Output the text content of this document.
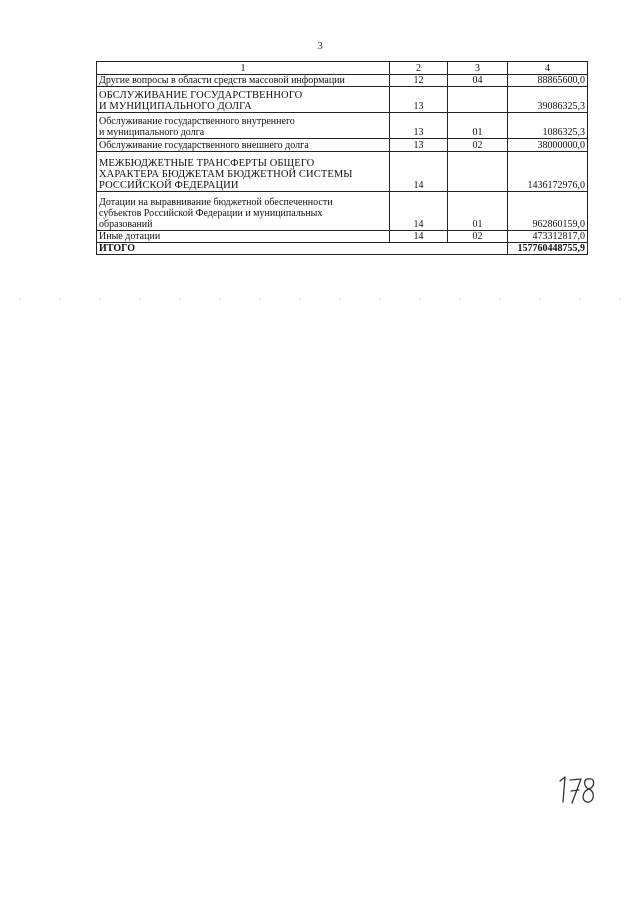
3
1	2	3	4
Другие вопросы в области средств массовой информации	12	04	88865600,0
ОБСЛУЖИВАНИЕ ГОСУДАРСТВЕННОГО
И МУНИЦИПАЛЬНОГО ДОЛГА	13		39086325,3
Обслуживание государственного внутреннего
и муниципального долга	13	01	1086325,3
Обслуживание государственного внешнего долга	13	02	38000000,0
МЕЖБЮДЖЕТНЫЕ ТРАНСФЕРТЫ ОБЩЕГО
ХАРАКТЕРА БЮДЖЕТАМ БЮДЖЕТНОЙ СИСТЕМЫ
РОССИЙСКОЙ ФЕДЕРАЦИИ	14		1436172976,0
Дотации на выравнивание бюджетной обеспеченности
субъектов Российской Федерации и муниципальных
образований	14	01	962860159,0
Иные дотации	14	02	473312817,0
ИТОГО			157760448755,9
